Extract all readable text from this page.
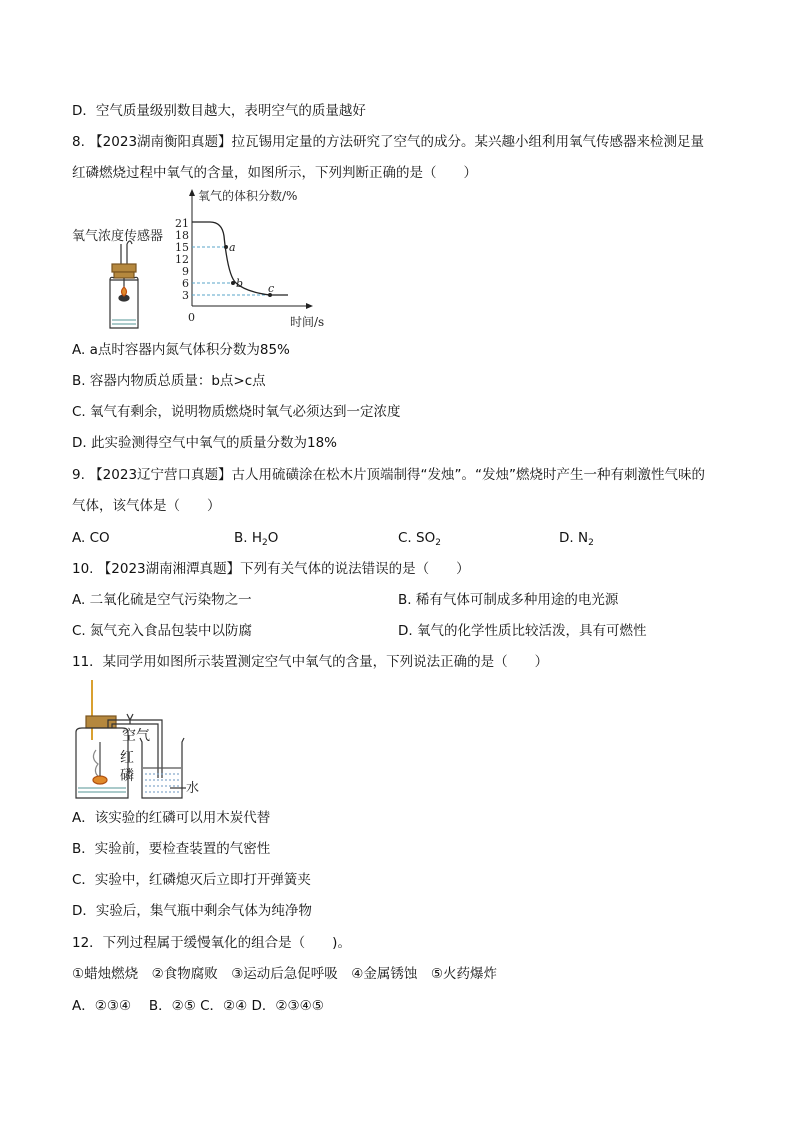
D．空气质量级别数目越大，表明空气的质量越好
8. 【2023湖南衡阳真题】拉瓦锡用定量的方法研究了空气的成分。某兴趣小组利用氧气传感器来检测足量
红磷燃烧过程中氧气的含量，如图所示，下列判断正确的是（　　）
氧气浓度传感器
氧气的体积分数/%
时间/s
0
21
18
15
12
9
6
3
a
b c
A. a点时容器内氮气体积分数为85%
B. 容器内物质总质量：b点>c点
C. 氧气有剩余，说明物质燃烧时氧气必须达到一定浓度
D. 此实验测得空气中氧气的质量分数为18%
9. 【2023辽宁营口真题】古人用硫磺涂在松木片顶端制得“发烛”。“发烛”燃烧时产生一种有刺激性气味的
气体，该气体是（　　）
A. CO	B. $H_2O$	C. $SO_2$	D. $N_2$
10. 【2023湖南湘潭真题】下列有关气体的说法错误的是（　　）
A. 二氧化硫是空气污染物之一	B. 稀有气体可制成多种用途的电光源
C. 氮气充入食品包装中以防腐	D. 氧气的化学性质比较活泼，具有可燃性
11．某同学用如图所示装置测定空气中氧气的含量，下列说法正确的是（　　）
空气
红
磷
水
A．该实验的红磷可以用木炭代替
B．实验前，要检查装置的气密性
C．实验中，红磷熄灭后立即打开弹簧夹
D．实验后，集气瓶中剩余气体为纯净物
12．下列过程属于缓慢氧化的组合是（　　)。
①蜡烛燃烧　②食物腐败　③运动后急促呼吸　④金属锈蚀　⑤火药爆炸
A．②③④　 B．②⑤ C．②④ D．②③④⑤
